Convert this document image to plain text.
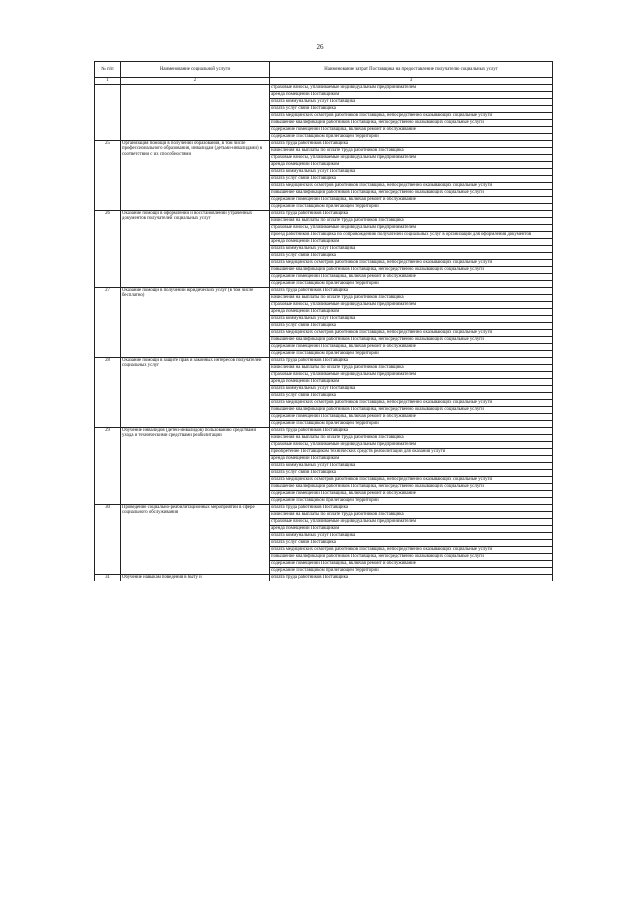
26
№ п/п	Наименование социальной услуги	Наименование затрат Поставщика на предоставление получателю социальных услуг
1	2	3
		страховые взносы, уплачиваемые индивидуальным предпринимателем
		аренда помещений Поставщиком
		оплата коммунальных услуг Поставщика
		оплата услуг связи Поставщика
		оплата медицинских осмотров работников Поставщика, непосредственно оказывающих социальные услуги
		повышение квалификации работников Поставщика, непосредственно оказывающих социальные услуги
		содержание помещений Поставщика, включая ремонт и обслуживание
		содержание Поставщиком прилегающей территории
25	Организация помощи в получении образования, в том числе профессионального образования, инвалидам (детьми-инвалидами) в соответствии с их способностями	оплата труда работников Поставщика
		начисления на выплаты по оплате труда работников Поставщика
		страховые взносы, уплачиваемые индивидуальным предпринимателем
		аренда помещений Поставщиком
		оплата коммунальных услуг Поставщика
		оплата услуг связи Поставщика
		оплата медицинских осмотров работников Поставщика, непосредственно оказывающих социальные услуги
		повышение квалификации работников Поставщика, непосредственно оказывающих социальные услуги
		содержание помещений Поставщика, включая ремонт и обслуживание
		содержание Поставщиком прилегающей территории
26	Оказание помощи в оформлении и восстановлении утраченных документов получателей социальных услуг	оплата труда работников Поставщика
		начисления на выплаты по оплате труда работников Поставщика
		страховые взносы, уплачиваемые индивидуальным предпринимателем
		проезд работников Поставщика по сопровождению получателей социальных услуг в организации для оформления документов
		аренда помещений Поставщиком
		оплата коммунальных услуг Поставщика
		оплата услуг связи Поставщика
		оплата медицинских осмотров работников Поставщика, непосредственно оказывающих социальные услуги
		повышение квалификации работников Поставщика, непосредственно оказывающих социальные услуги
		содержание помещений Поставщика, включая ремонт и обслуживание
		содержание Поставщиком прилегающей территории
27	Оказание помощи в получении юридических услуг (в том числе бесплатно)	оплата труда работников Поставщика
		начисления на выплаты по оплате труда работников Поставщика
		страховые взносы, уплачиваемые индивидуальным предпринимателем
		аренда помещений Поставщиком
		оплата коммунальных услуг Поставщика
		оплата услуг связи Поставщика
		оплата медицинских осмотров работников Поставщика, непосредственно оказывающих социальные услуги
		повышение квалификации работников Поставщика, непосредственно оказывающих социальные услуги
		содержание помещений Поставщика, включая ремонт и обслуживание
		содержание Поставщиком прилегающей территории
28	Оказание помощи в защите прав и законных интересов получателей социальных услуг	оплата труда работников Поставщика
		начисления на выплаты по оплате труда работников Поставщика
		страховые взносы, уплачиваемые индивидуальным предпринимателем
		аренда помещений Поставщиком
		оплата коммунальных услуг Поставщика
		оплата услуг связи Поставщика
		оплата медицинских осмотров работников Поставщика, непосредственно оказывающих социальные услуги
		повышение квалификации работников Поставщика, непосредственно оказывающих социальные услуги
		содержание помещений Поставщика, включая ремонт и обслуживание
		содержание Поставщиком прилегающей территории
29	Обучение инвалидов (детей-инвалидов) пользованию средствами ухода и техническими средствами реабилитации	оплата труда работников Поставщика
		начисления на выплаты по оплате труда работников Поставщика
		страховые взносы, уплачиваемые индивидуальным предпринимателем
		приобретение Поставщиком технических средств реабилитации для оказания услуги
		аренда помещений Поставщиком
		оплата коммунальных услуг Поставщика
		оплата услуг связи Поставщика
		оплата медицинских осмотров работников Поставщика, непосредственно оказывающих социальные услуги
		повышение квалификации работников Поставщика, непосредственно оказывающих социальные услуги
		содержание помещений Поставщика, включая ремонт и обслуживание
		содержание Поставщиком прилегающей территории
30	Проведение социально-реабилитационных мероприятий в сфере социального обслуживания	оплата труда работников Поставщика
		начисления на выплаты по оплате труда работников Поставщика
		страховые взносы, уплачиваемые индивидуальным предпринимателем
		аренда помещений Поставщиком
		оплата коммунальных услуг Поставщика
		оплата услуг связи Поставщика
		оплата медицинских осмотров работников Поставщика, непосредственно оказывающих социальные услуги
		повышение квалификации работников Поставщика, непосредственно оказывающих социальные услуги
		содержание помещений Поставщика, включая ремонт и обслуживание
		содержание Поставщиком прилегающей территории
31	Обучение навыкам поведения в быту и	оплата труда работников Поставщика
